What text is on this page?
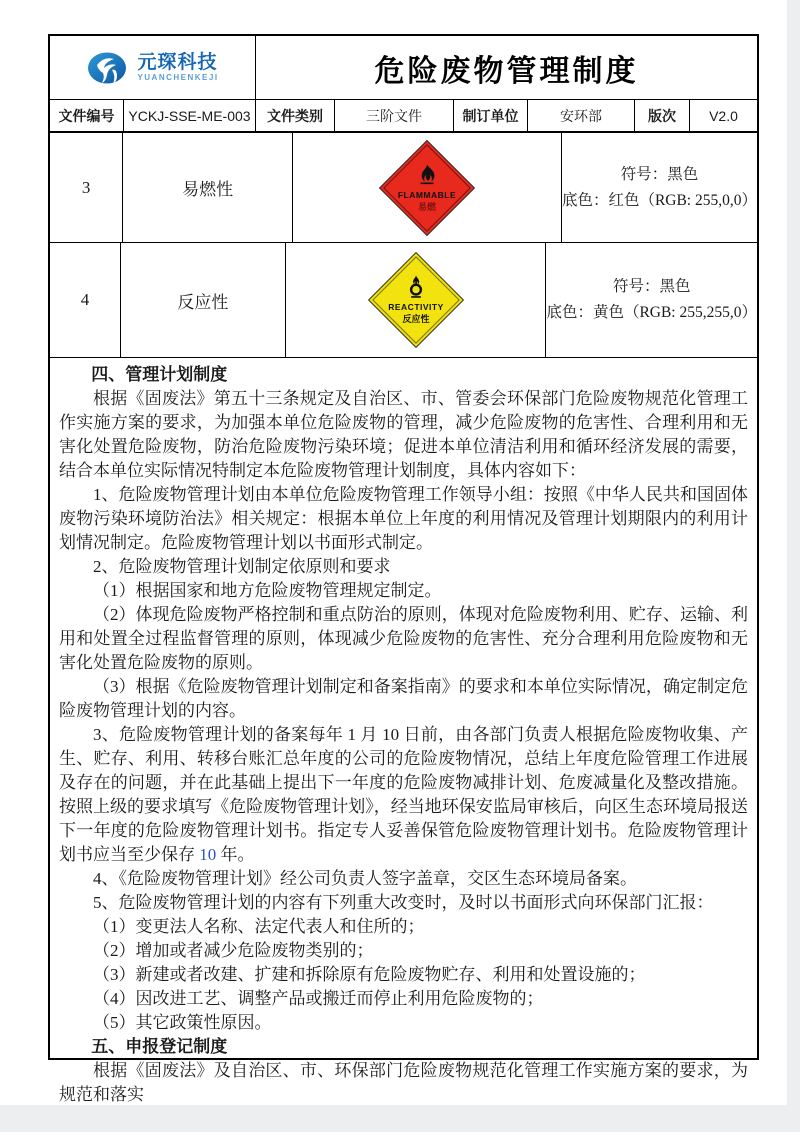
元琛科技
YUANCHENKEJI	危险废物管理制度
文件编号 YCKJ-SSE-ME-003	文件类别	三阶文件	制订单位	安环部	版次	V2.0
3	易燃性	FLAMMABLE
易燃
符号：黑色
底色：红色（RGB: 255,0,0）
4	反应性	REACTIVITY
反应性
符号：黑色
底色：黄色（RGB: 255,255,0）

四、管理计划制度

根据《固废法》第五十三条规定及自治区、市、管委会环保部门危险废物规范化管理工作实施方案的要求，为加强本单位危险废物的管理，减少危险废物的危害性、合理利用和无害化处置危险废物，防治危险废物污染环境；促进本单位清洁利用和循环经济发展的需要，结合本单位实际情况特制定本危险废物管理计划制度，具体内容如下：

1、危险废物管理计划由本单位危险废物管理工作领导小组：按照《中华人民共和国固体废物污染环境防治法》相关规定：根据本单位上年度的利用情况及管理计划期限内的利用计划情况制定。危险废物管理计划以书面形式制定。

2、危险废物管理计划制定依原则和要求

（1）根据国家和地方危险废物管理规定制定。

（2）体现危险废物严格控制和重点防治的原则，体现对危险废物利用、贮存、运输、利用和处置全过程监督管理的原则，体现减少危险废物的危害性、充分合理利用危险废物和无害化处置危险废物的原则。

（3）根据《危险废物管理计划制定和备案指南》的要求和本单位实际情况，确定制定危险废物管理计划的内容。

3、危险废物管理计划的备案每年 1 月 10 日前，由各部门负责人根据危险废物收集、产生、贮存、利用、转移台账汇总年度的公司的危险废物情况，总结上年度危险管理工作进展及存在的问题，并在此基础上提出下一年度的危险废物减排计划、危废减量化及整改措施。按照上级的要求填写《危险废物管理计划》，经当地环保安监局审核后，向区生态环境局报送下一年度的危险废物管理计划书。指定专人妥善保管危险废物管理计划书。危险废物管理计划书应当至少保存 10 年。

4、《危险废物管理计划》经公司负责人签字盖章，交区生态环境局备案。

5、危险废物管理计划的内容有下列重大改变时，及时以书面形式向环保部门汇报：

（1）变更法人名称、法定代表人和住所的；

（2）增加或者减少危险废物类别的；

（3）新建或者改建、扩建和拆除原有危险废物贮存、利用和处置设施的；

（4）因改进工艺、调整产品或搬迁而停止利用危险废物的；

（5）其它政策性原因。

五、申报登记制度

根据《固废法》及自治区、市、环保部门危险废物规范化管理工作实施方案的要求，为规范和落实
